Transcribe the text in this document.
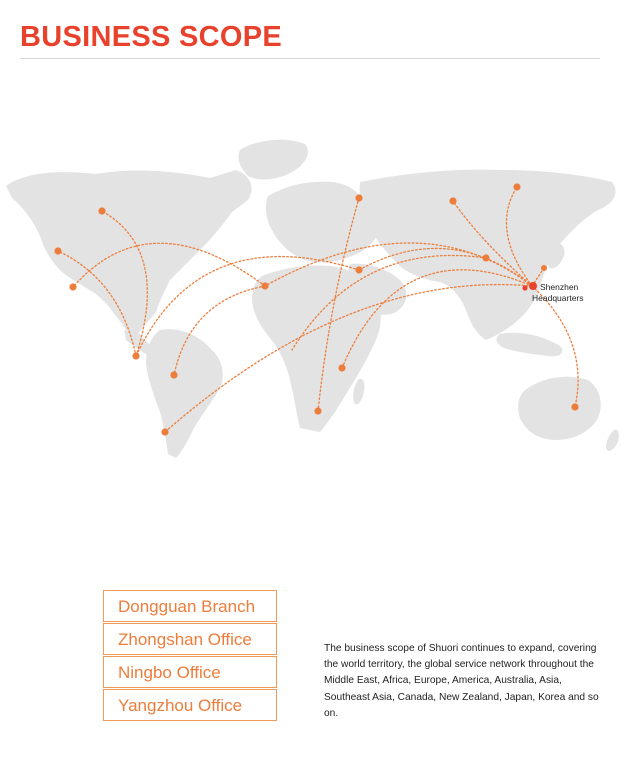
BUSINESS SCOPE
Shenzhen
Headquarters
Dongguan Branch
Zhongshan Office
Ningbo Office
Yangzhou Office
The business scope of Shuori continues to expand, covering the world territory, the global service network throughout the Middle East, Africa, Europe, America, Australia, Asia, Southeast Asia, Canada, New Zealand, Japan, Korea and so on.
